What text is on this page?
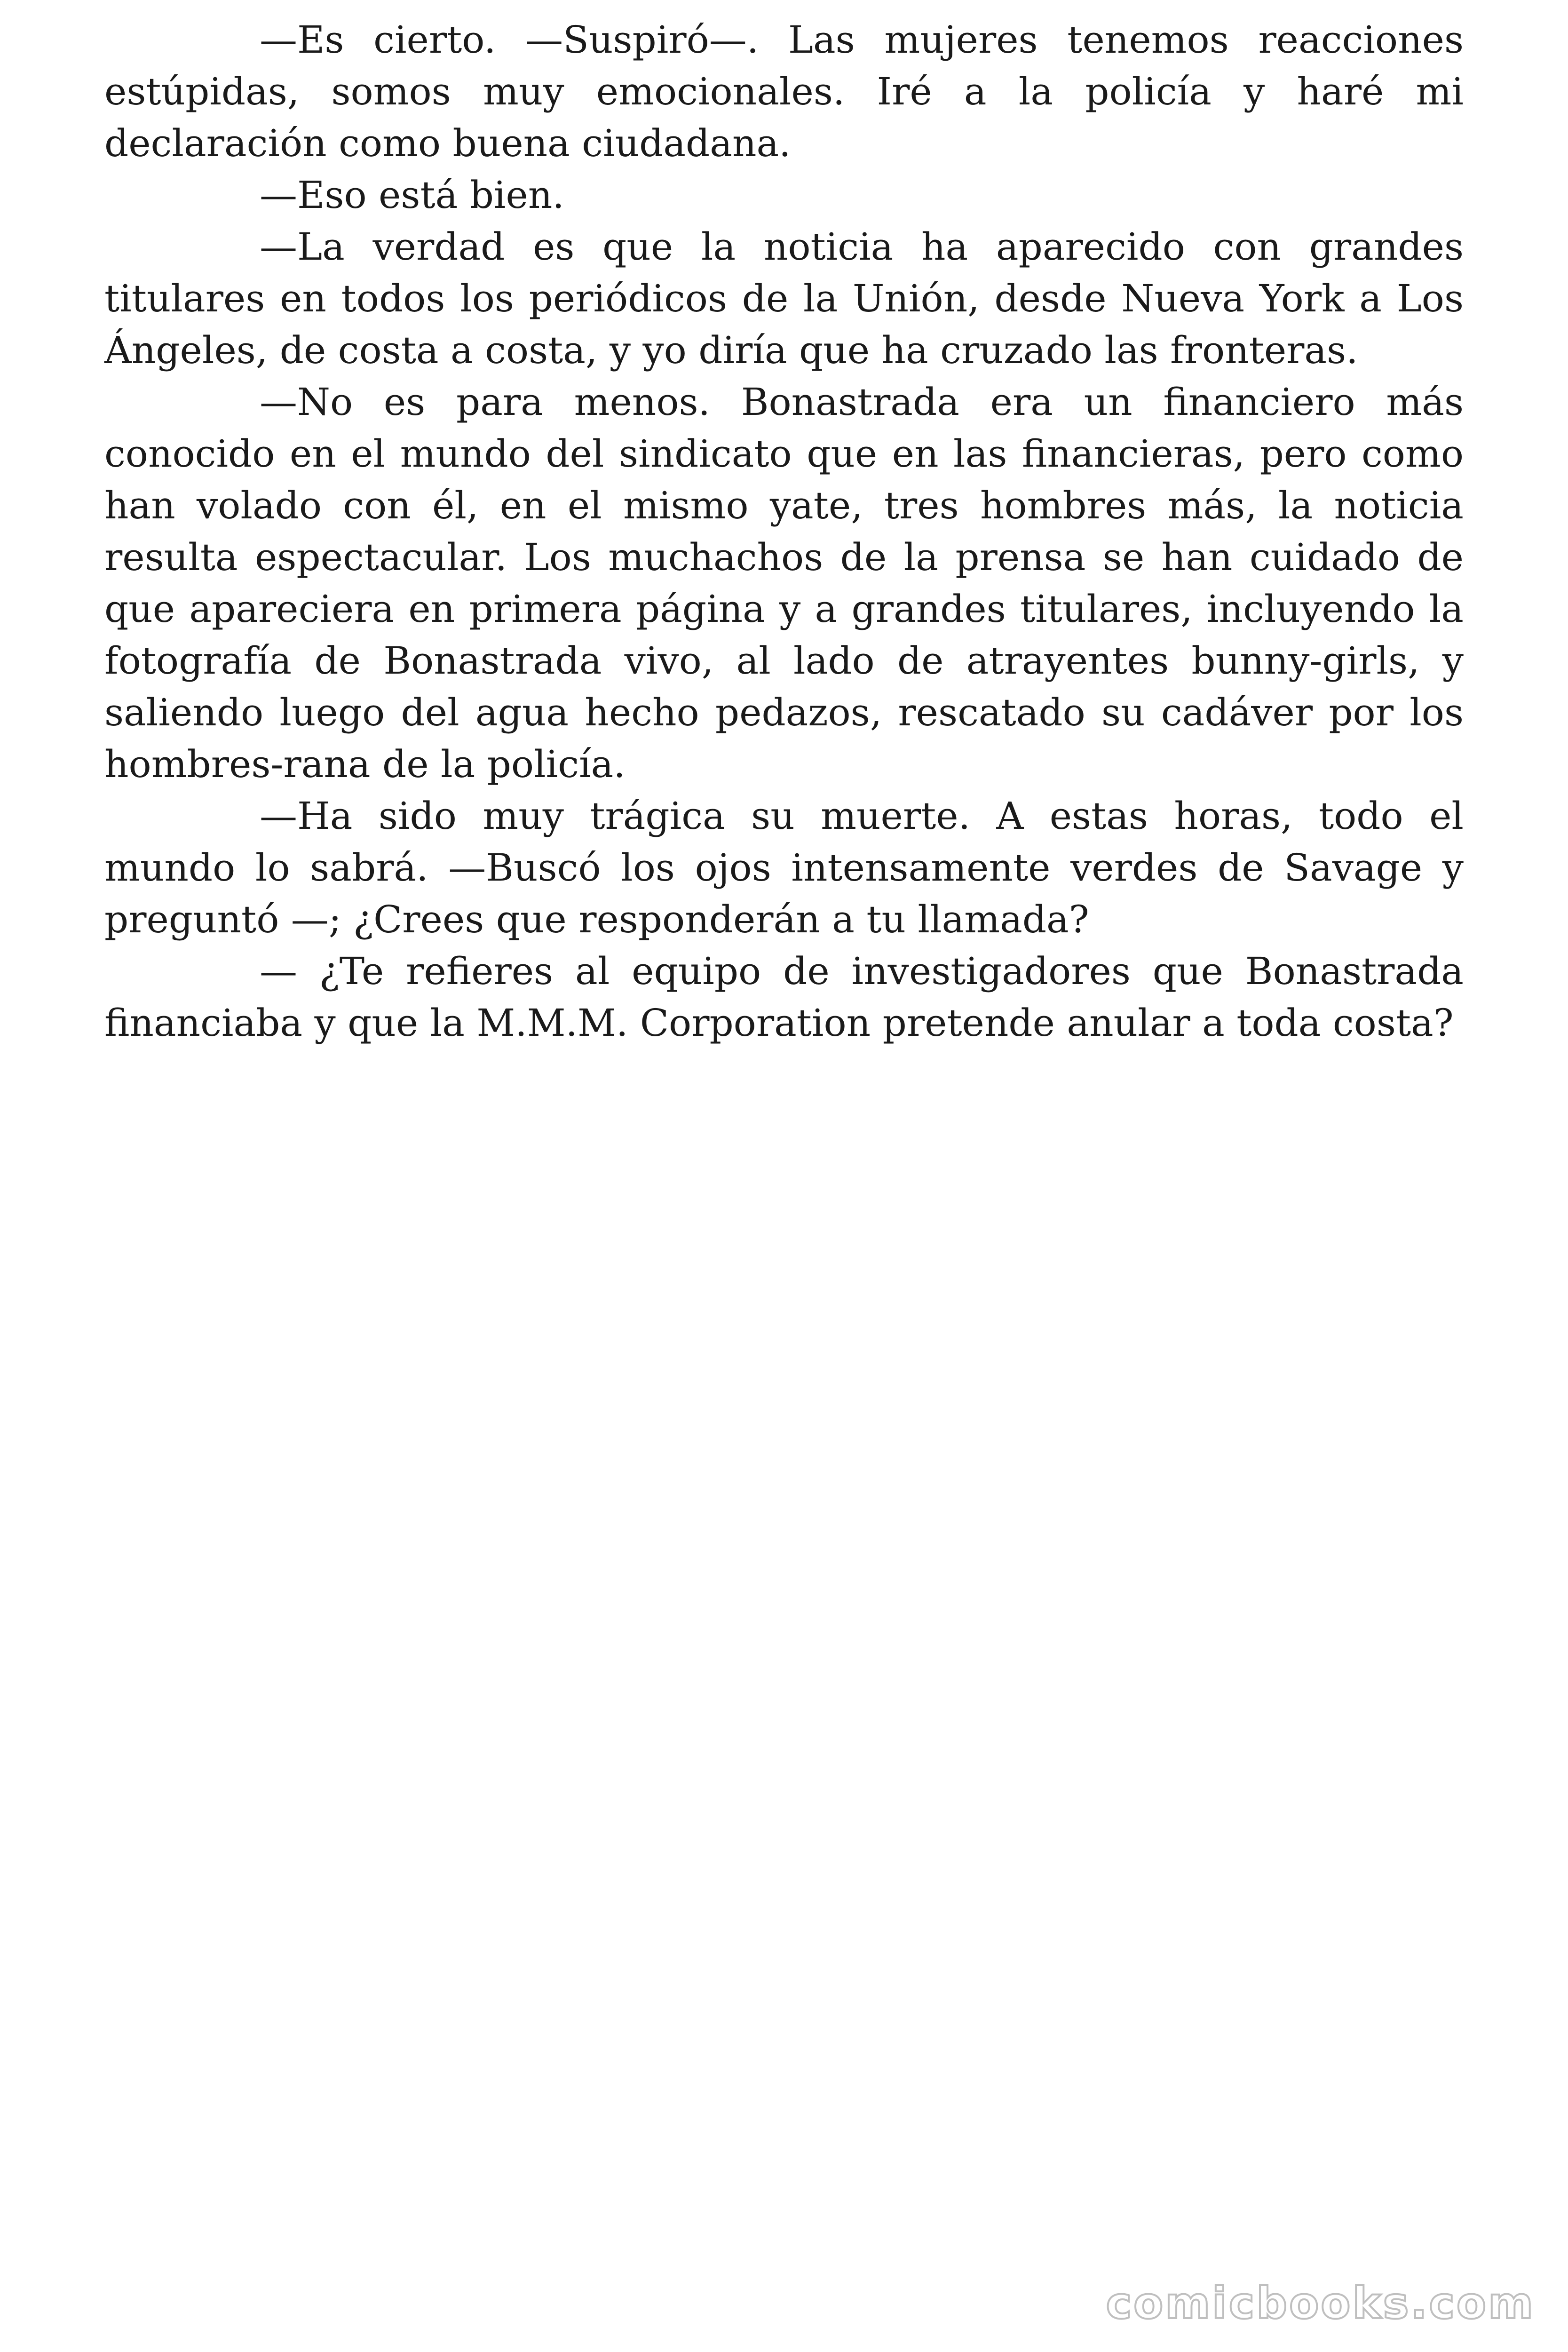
—Es cierto. —Suspiró—. Las mujeres tenemos reacciones estúpidas, somos muy emocionales. Iré a la policía y haré mi declaración como buena ciudadana.

—Eso está bien.

—La verdad es que la noticia ha aparecido con grandes titulares en todos los periódicos de la Unión, desde Nueva York a Los Ángeles, de costa a costa, y yo diría que ha cruzado las fronteras.

—No es para menos. Bonastrada era un financiero más conocido en el mundo del sindicato que en las financieras, pero como han volado con él, en el mismo yate, tres hombres más, la noticia resulta espectacular. Los muchachos de la prensa se han cuidado de que apareciera en primera página y a grandes titulares, incluyendo la fotografía de Bonastrada vivo, al lado de atrayentes bunny-girls, y saliendo luego del agua hecho pedazos, rescatado su cadáver por los hombres-rana de la policía.

—Ha sido muy trágica su muerte. A estas horas, todo el mundo lo sabrá. —Buscó los ojos intensamente verdes de Savage y preguntó —; ¿Crees que responderán a tu llamada?

— ¿Te refieres al equipo de investigadores que Bonastrada financiaba y que la M.M.M. Corporation pretende anular a toda costa?

comicbooks.com
